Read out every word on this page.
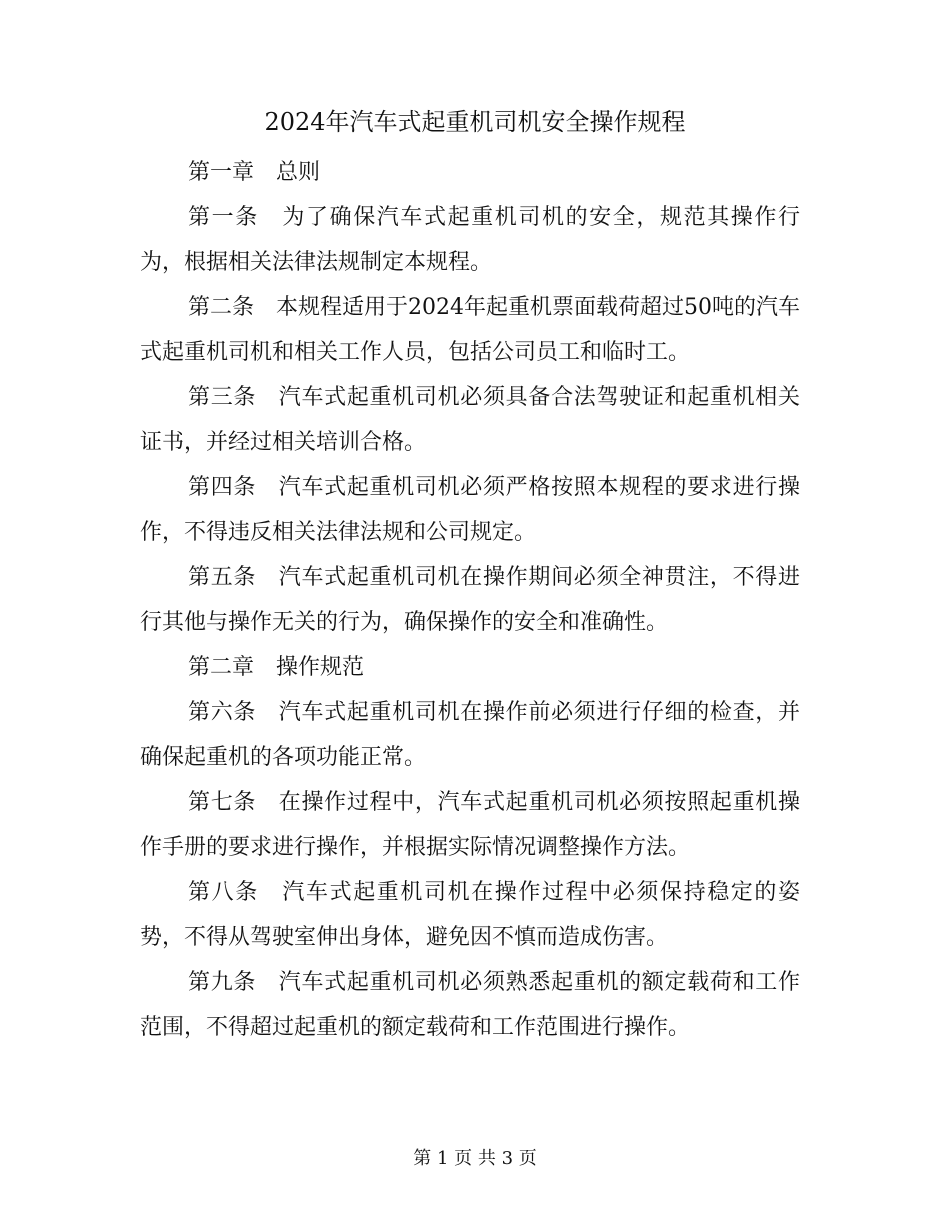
2024年汽车式起重机司机安全操作规程

第一章　总则

第一条　为了确保汽车式起重机司机的安全，规范其操作行为，根据相关法律法规制定本规程。

第二条　本规程适用于2024年起重机票面载荷超过50吨的汽车式起重机司机和相关工作人员，包括公司员工和临时工。

第三条　汽车式起重机司机必须具备合法驾驶证和起重机相关证书，并经过相关培训合格。

第四条　汽车式起重机司机必须严格按照本规程的要求进行操作，不得违反相关法律法规和公司规定。

第五条　汽车式起重机司机在操作期间必须全神贯注，不得进行其他与操作无关的行为，确保操作的安全和准确性。

第二章　操作规范

第六条　汽车式起重机司机在操作前必须进行仔细的检查，并确保起重机的各项功能正常。

第七条　在操作过程中，汽车式起重机司机必须按照起重机操作手册的要求进行操作，并根据实际情况调整操作方法。

第八条　汽车式起重机司机在操作过程中必须保持稳定的姿势，不得从驾驶室伸出身体，避免因不慎而造成伤害。

第九条　汽车式起重机司机必须熟悉起重机的额定载荷和工作范围，不得超过起重机的额定载荷和工作范围进行操作。

第 1 页 共 3 页
